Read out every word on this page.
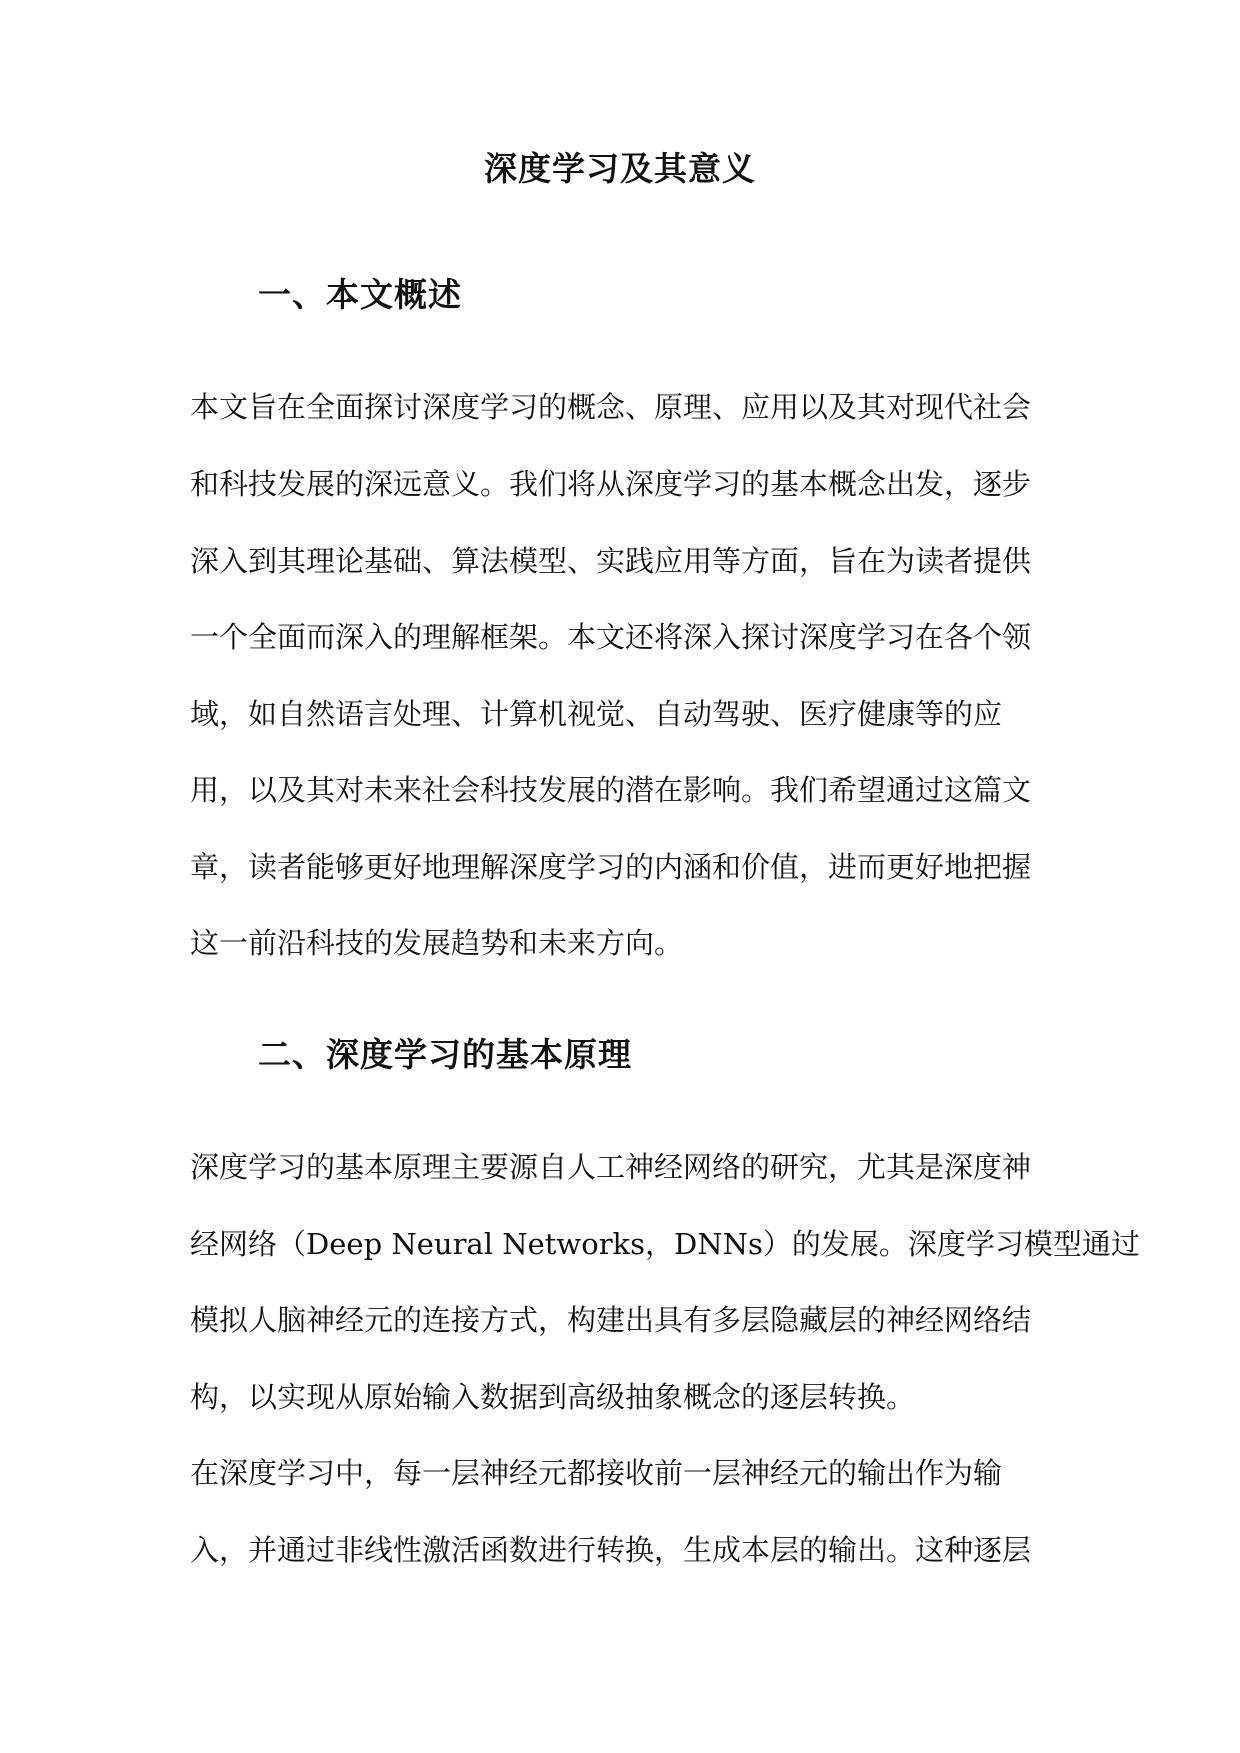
深度学习及其意义
一、本文概述
本文旨在全面探讨深度学习的概念、原理、应用以及其对现代社会
和科技发展的深远意义。我们将从深度学习的基本概念出发，逐步
深入到其理论基础、算法模型、实践应用等方面，旨在为读者提供
一个全面而深入的理解框架。本文还将深入探讨深度学习在各个领
域，如自然语言处理、计算机视觉、自动驾驶、医疗健康等的应
用，以及其对未来社会科技发展的潜在影响。我们希望通过这篇文
章，读者能够更好地理解深度学习的内涵和价值，进而更好地把握
这一前沿科技的发展趋势和未来方向。
二、深度学习的基本原理
深度学习的基本原理主要源自人工神经网络的研究，尤其是深度神
经网络（Deep Neural Networks，DNNs）的发展。深度学习模型通过
模拟人脑神经元的连接方式，构建出具有多层隐藏层的神经网络结
构，以实现从原始输入数据到高级抽象概念的逐层转换。
在深度学习中，每一层神经元都接收前一层神经元的输出作为输
入，并通过非线性激活函数进行转换，生成本层的输出。这种逐层
